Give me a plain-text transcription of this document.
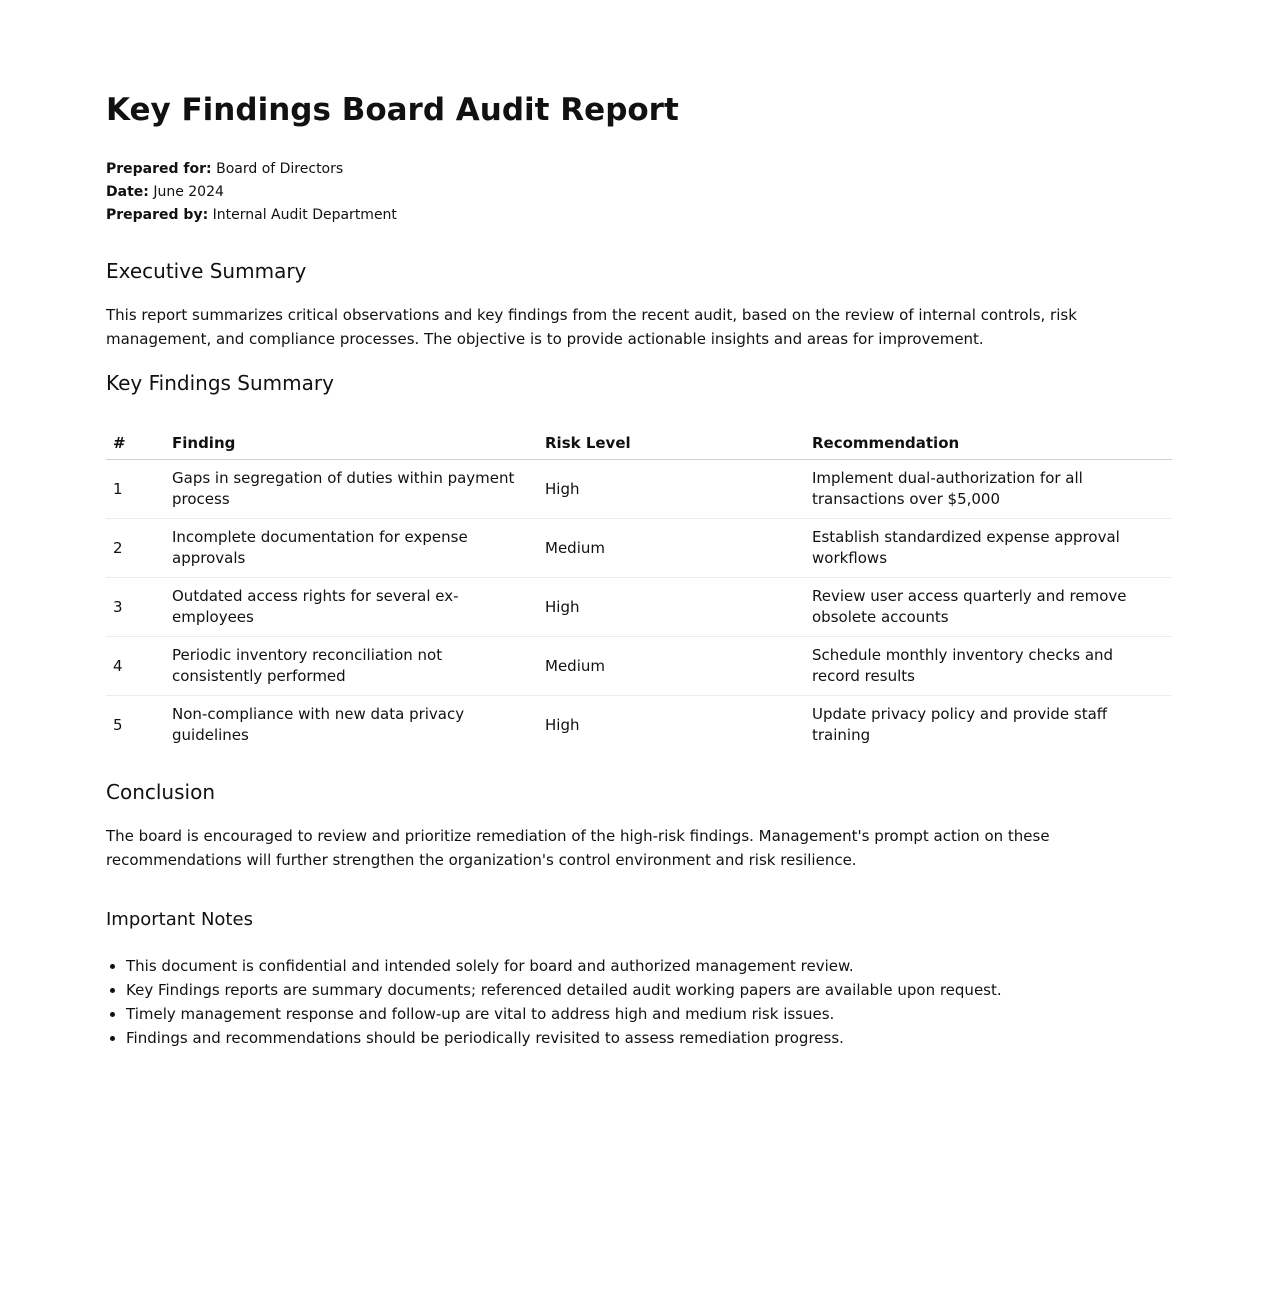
Key Findings Board Audit Report
Prepared for: Board of Directors
Date: June 2024
Prepared by: Internal Audit Department
Executive Summary

This report summarizes critical observations and key findings from the recent audit, based on the review of internal controls, risk management, and compliance processes. The objective is to provide actionable insights and areas for improvement.

Key Findings Summary
#	Finding	Risk Level	Recommendation
1	Gaps in segregation of duties within payment process	High	Implement dual-authorization for all transactions over $5,000
2	Incomplete documentation for expense approvals	Medium	Establish standardized expense approval workflows
3	Outdated access rights for several ex-employees	High	Review user access quarterly and remove obsolete accounts
4	Periodic inventory reconciliation not consistently performed	Medium	Schedule monthly inventory checks and record results
5	Non-compliance with new data privacy guidelines	High	Update privacy policy and provide staff training
Conclusion

The board is encouraged to review and prioritize remediation of the high-risk findings. Management's prompt action on these recommendations will further strengthen the organization's control environment and risk resilience.

Important Notes
• This document is confidential and intended solely for board and authorized management review.
• Key Findings reports are summary documents; referenced detailed audit working papers are available upon request.
• Timely management response and follow-up are vital to address high and medium risk issues.
• Findings and recommendations should be periodically revisited to assess remediation progress.
